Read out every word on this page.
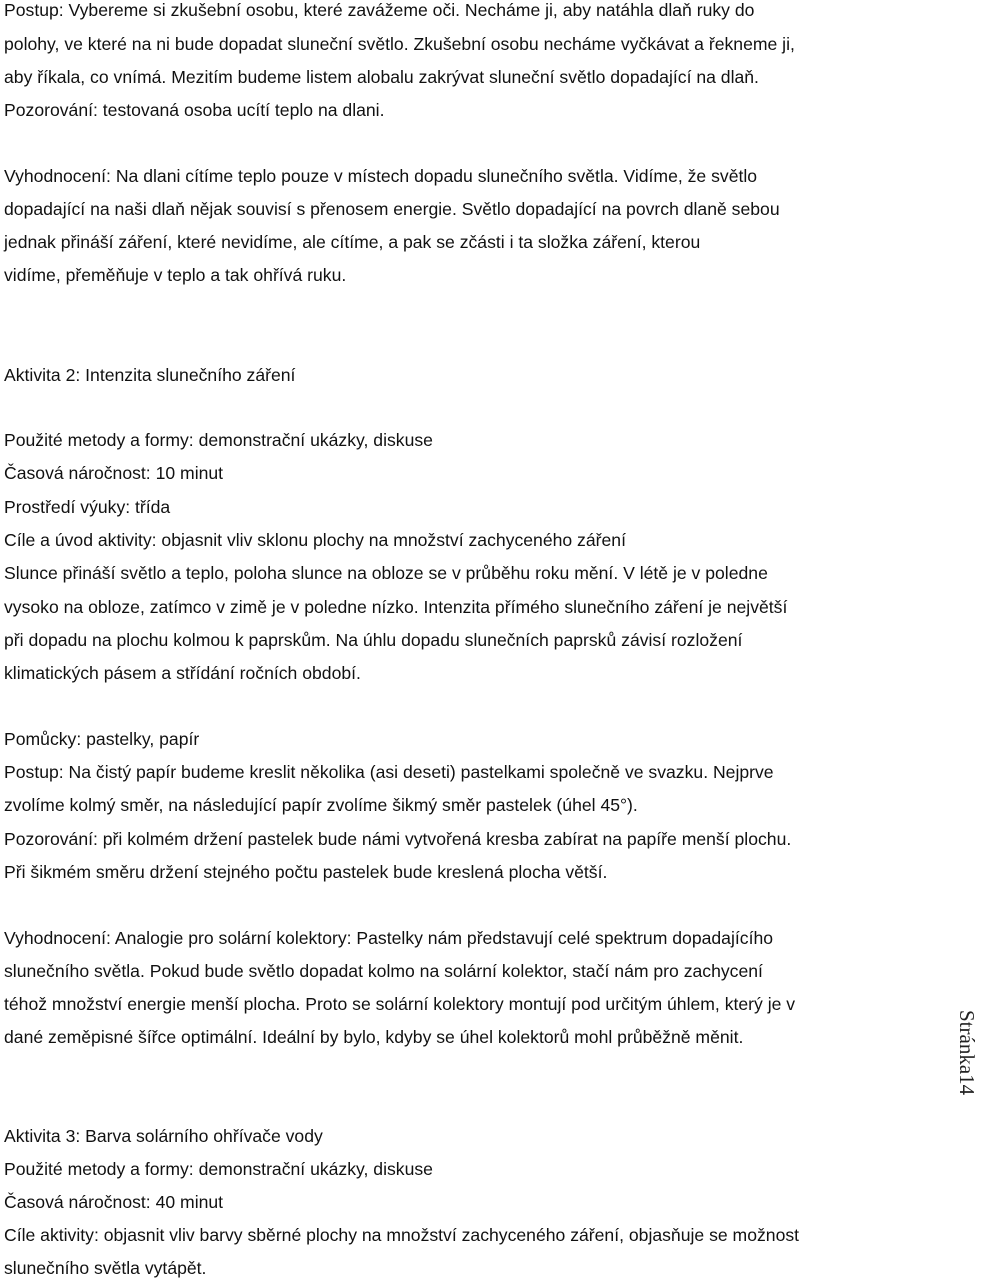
Postup: Vybereme si zkušební osobu, které zavážeme oči. Necháme ji, aby natáhla dlaň ruky do
polohy, ve které na ni bude dopadat sluneční světlo. Zkušební osobu necháme vyčkávat a řekneme ji,
aby říkala, co vnímá. Mezitím budeme listem alobalu zakrývat sluneční světlo dopadající na dlaň.
Pozorování: testovaná osoba ucítí teplo na dlani.
Vyhodnocení: Na dlani cítíme teplo pouze v místech dopadu slunečního světla. Vidíme, že světlo
dopadající na naši dlaň nějak souvisí s přenosem energie. Světlo dopadající na povrch dlaně sebou
jednak přináší záření, které nevidíme, ale cítíme, a pak se zčásti i ta složka záření, kterou
vidíme, přeměňuje v teplo a tak ohřívá ruku.
Aktivita 2: Intenzita slunečního záření
Použité metody a formy: demonstrační ukázky, diskuse
Časová náročnost: 10 minut
Prostředí výuky: třída
Cíle a úvod aktivity: objasnit vliv sklonu plochy na množství zachyceného záření
Slunce přináší světlo a teplo, poloha slunce na obloze se v průběhu roku mění. V létě je v poledne
vysoko na obloze, zatímco v zimě je v poledne nízko. Intenzita přímého slunečního záření je největší
při dopadu na plochu kolmou k paprskům. Na úhlu dopadu slunečních paprsků závisí rozložení
klimatických pásem a střídání ročních období.
Pomůcky: pastelky, papír
Postup: Na čistý papír budeme kreslit několika (asi deseti) pastelkami společně ve svazku. Nejprve
zvolíme kolmý směr, na následující papír zvolíme šikmý směr pastelek (úhel 45°).
Pozorování: při kolmém držení pastelek bude námi vytvořená kresba zabírat na papíře menší plochu.
Při šikmém směru držení stejného počtu pastelek bude kreslená plocha větší.
Vyhodnocení: Analogie pro solární kolektory: Pastelky nám představují celé spektrum dopadajícího
slunečního světla. Pokud bude světlo dopadat kolmo na solární kolektor, stačí nám pro zachycení
téhož množství energie menší plocha. Proto se solární kolektory montují pod určitým úhlem, který je v
dané zeměpisné šířce optimální. Ideální by bylo, kdyby se úhel kolektorů mohl průběžně měnit.
Aktivita 3: Barva solárního ohřívače vody
Použité metody a formy: demonstrační ukázky, diskuse
Časová náročnost: 40 minut
Cíle aktivity: objasnit vliv barvy sběrné plochy na množství zachyceného záření, objasňuje se možnost
slunečního světla vytápět.
Stránka14
